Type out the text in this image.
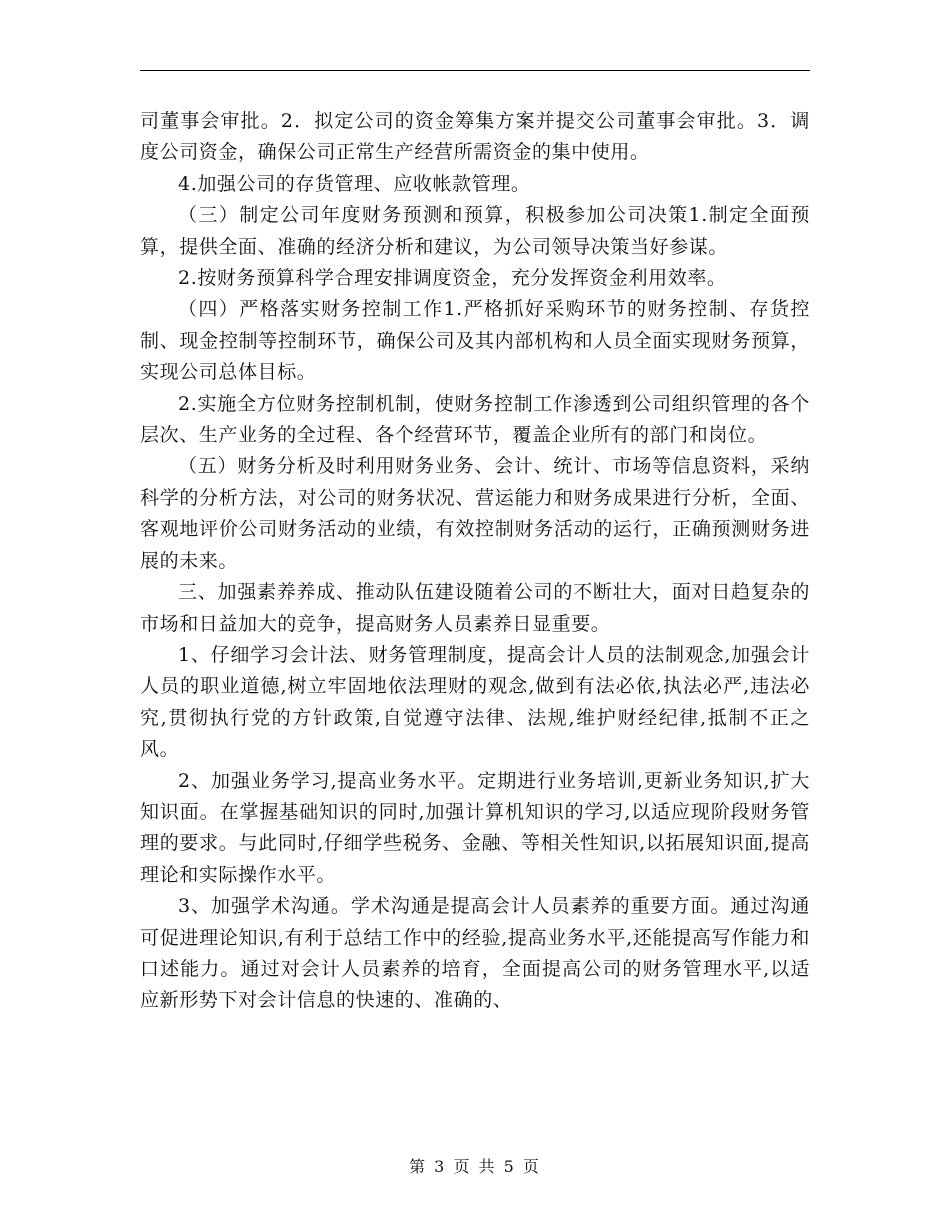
司董事会审批。2．拟定公司的资金筹集方案并提交公司董事会审批。3．调度公司资金，确保公司正常生产经营所需资金的集中使用。

4.加强公司的存货管理、应收帐款管理。

（三）制定公司年度财务预测和预算，积极参加公司决策1.制定全面预算，提供全面、准确的经济分析和建议，为公司领导决策当好参谋。

2.按财务预算科学合理安排调度资金，充分发挥资金利用效率。

（四）严格落实财务控制工作1.严格抓好采购环节的财务控制、存货控制、现金控制等控制环节，确保公司及其内部机构和人员全面实现财务预算，实现公司总体目标。

2.实施全方位财务控制机制，使财务控制工作渗透到公司组织管理的各个层次、生产业务的全过程、各个经营环节，覆盖企业所有的部门和岗位。

（五）财务分析及时利用财务业务、会计、统计、市场等信息资料，采纳科学的分析方法，对公司的财务状况、营运能力和财务成果进行分析，全面、客观地评价公司财务活动的业绩，有效控制财务活动的运行，正确预测财务进展的未来。

三、加强素养养成、推动队伍建设随着公司的不断壮大，面对日趋复杂的市场和日益加大的竞争，提高财务人员素养日显重要。

1、仔细学习会计法、财务管理制度，提高会计人员的法制观念,加强会计人员的职业道德,树立牢固地依法理财的观念,做到有法必依,执法必严,违法必究,贯彻执行党的方针政策,自觉遵守法律、法规,维护财经纪律,抵制不正之风。

2、加强业务学习,提高业务水平。定期进行业务培训,更新业务知识,扩大知识面。在掌握基础知识的同时,加强计算机知识的学习,以适应现阶段财务管理的要求。与此同时,仔细学些税务、金融、等相关性知识,以拓展知识面,提高理论和实际操作水平。

3、加强学术沟通。学术沟通是提高会计人员素养的重要方面。通过沟通可促进理论知识,有利于总结工作中的经验,提高业务水平,还能提高写作能力和口述能力。通过对会计人员素养的培育，全面提高公司的财务管理水平,以适应新形势下对会计信息的快速的、准确的、

第 3 页 共 5 页
